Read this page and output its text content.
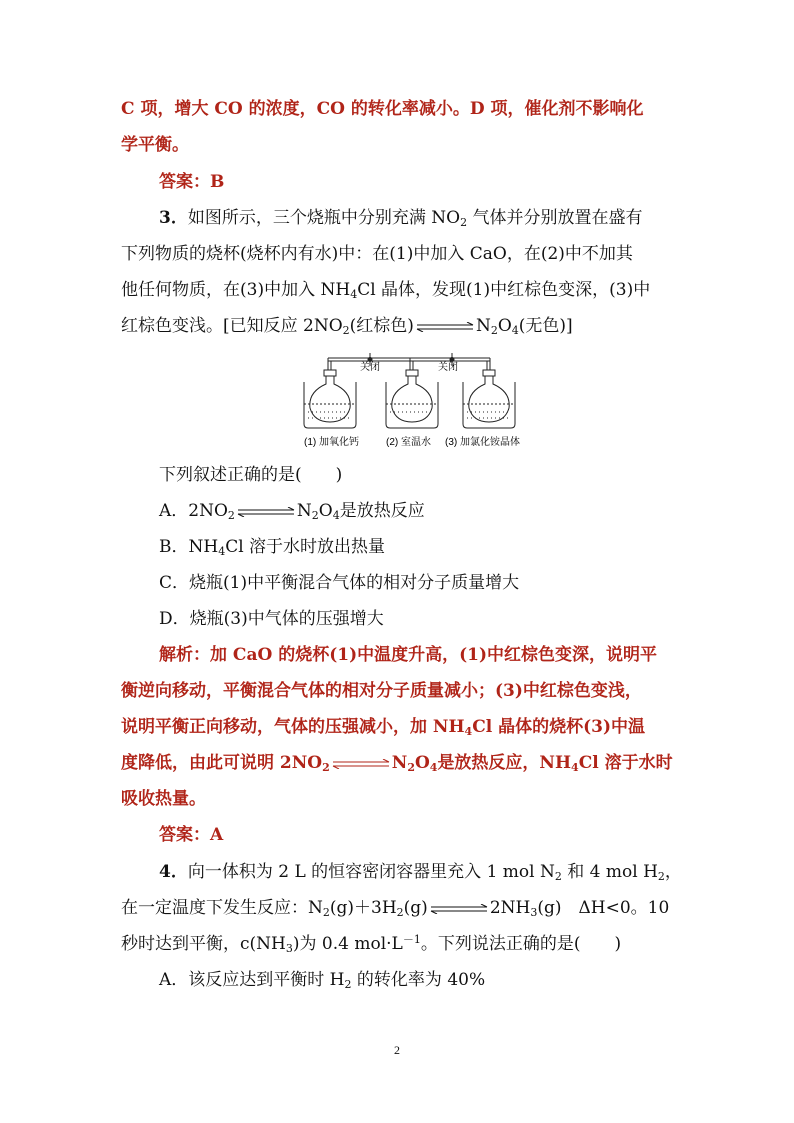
C 项，增大 CO 的浓度，CO 的转化率减小。D 项，催化剂不影响化
学平衡。
答案：B
3．如图所示，三个烧瓶中分别充满 $NO_2$ 气体并分别放置在盛有
下列物质的烧杯(烧杯内有水)中：在(1)中加入 CaO，在(2)中不加其
他任何物质，在(3)中加入 $NH_4Cl$ 晶体，发现(1)中红棕色变深，(3)中
红棕色变浅。[已知反应 $2NO_2$(红棕色)$\rightleftharpoons N_2O_4$(无色)]
关闭	关闭
(1) 加氧化钙	(2) 室温水 (3) 加氯化铵晶体
下列叙述正确的是(　　)
A．$2NO_2\rightleftharpoons N_2O_4$是放热反应
B．$NH_4Cl$ 溶于水时放出热量
C．烧瓶(1)中平衡混合气体的相对分子质量增大
D．烧瓶(3)中气体的压强增大
解析：加 CaO 的烧杯(1)中温度升高，(1)中红棕色变深，说明平
衡逆向移动，平衡混合气体的相对分子质量减小；(3)中红棕色变浅，
说明平衡正向移动，气体的压强减小，加 $NH_4Cl$ 晶体的烧杯(3)中温
度降低，由此可说明 $2NO_2\rightleftharpoons N_2O_4$是放热反应，$NH_4Cl$ 溶于水时
吸收热量。
答案：A
4．向一体积为 2 L 的恒容密闭容器里充入 1 mol $N_2$ 和 4 mol $H_2$，
在一定温度下发生反应：$N_2(g)+3H_2(g)\rightleftharpoons 2NH_3(g)$　ΔH<0。10
秒时达到平衡，$c(NH_3)$为 0.4 $mol\cdot L^{-1}$。下列说法正确的是(　　)
A．该反应达到平衡时 $H_2$ 的转化率为 40%
2
